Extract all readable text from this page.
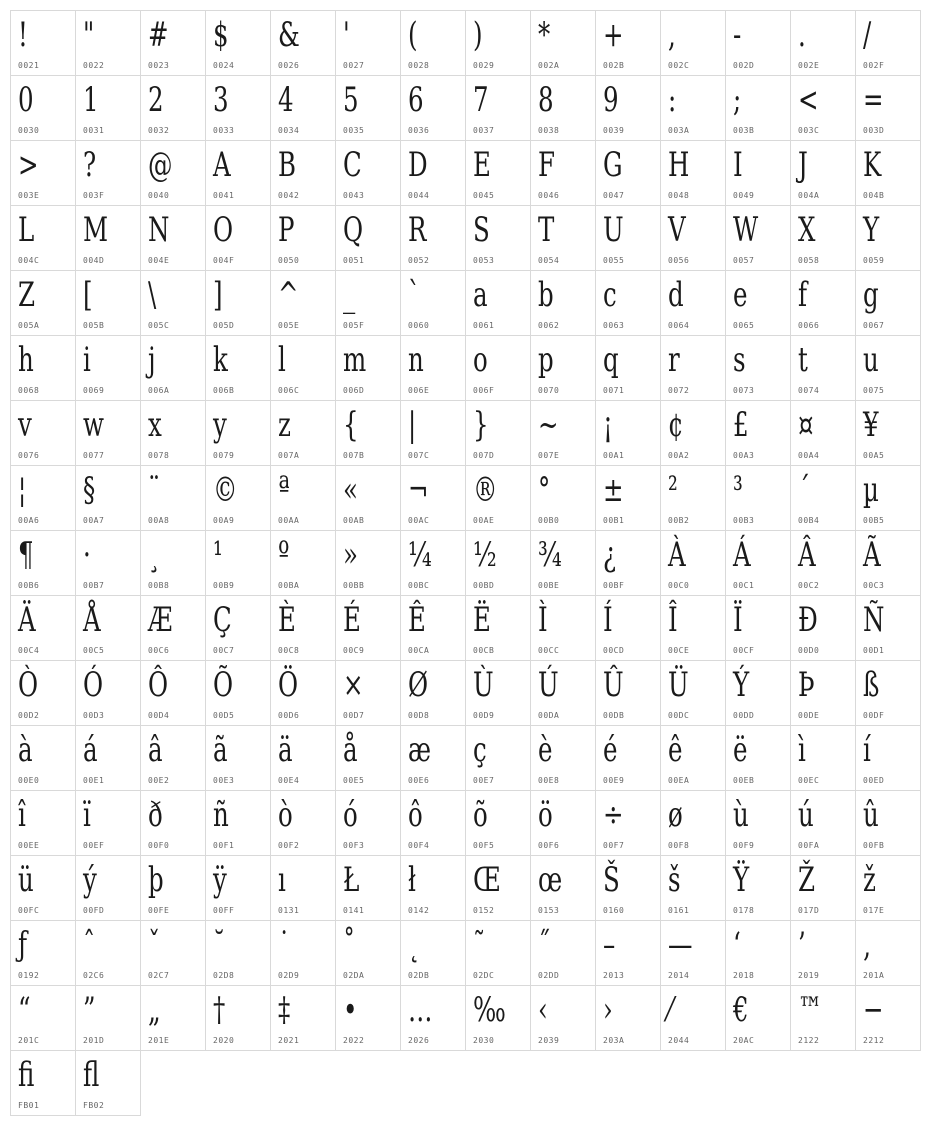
!
0021
"
0022
#
0023
$
0024
&
0026
'
0027
(
0028
)
0029
*
002A
+
002B
,
002C
-
002D
.
002E
/
002F
0
0030
1
0031
2
0032
3
0033
4
0034
5
0035
6
0036
7
0037
8
0038
9
0039
:
003A
;
003B
<
003C
=
003D
>
003E
?
003F
@
0040
A
0041
B
0042
C
0043
D
0044
E
0045
F
0046
G
0047
H
0048
I
0049
J
004A
K
004B
L
004C
M
004D
N
004E
O
004F
P
0050
Q
0051
R
0052
S
0053
T
0054
U
0055
V
0056
W
0057
X
0058
Y
0059
Z
005A
[
005B
\
005C
]
005D
^
005E
_
005F
`
0060
a
0061
b
0062
c
0063
d
0064
e
0065
f
0066
g
0067
h
0068
i
0069
j
006A
k
006B
l
006C
m
006D
n
006E
o
006F
p
0070
q
0071
r
0072
s
0073
t
0074
u
0075
v
0076
w
0077
x
0078
y
0079
z
007A
{
007B
|
007C
}
007D
~
007E
¡
00A1
¢
00A2
£
00A3
¤
00A4
¥
00A5
¦
00A6
§
00A7
¨
00A8
©
00A9
ª
00AA
«
00AB
¬
00AC
®
00AE
°
00B0
±
00B1
²
00B2
³
00B3
´
00B4
µ
00B5
¶
00B6
·
00B7
¸
00B8
¹
00B9
º
00BA
»
00BB
¼
00BC
½
00BD
¾
00BE
¿
00BF
À
00C0
Á
00C1
Â
00C2
Ã
00C3
Ä
00C4
Å
00C5
Æ
00C6
Ç
00C7
È
00C8
É
00C9
Ê
00CA
Ë
00CB
Ì
00CC
Í
00CD
Î
00CE
Ï
00CF
Ð
00D0
Ñ
00D1
Ò
00D2
Ó
00D3
Ô
00D4
Õ
00D5
Ö
00D6
×
00D7
Ø
00D8
Ù
00D9
Ú
00DA
Û
00DB
Ü
00DC
Ý
00DD
Þ
00DE
ß
00DF
à
00E0
á
00E1
â
00E2
ã
00E3
ä
00E4
å
00E5
æ
00E6
ç
00E7
è
00E8
é
00E9
ê
00EA
ë
00EB
ì
00EC
í
00ED
î
00EE
ï
00EF
ð
00F0
ñ
00F1
ò
00F2
ó
00F3
ô
00F4
õ
00F5
ö
00F6
÷
00F7
ø
00F8
ù
00F9
ú
00FA
û
00FB
ü
00FC
ý
00FD
þ
00FE
ÿ
00FF
ı
0131
Ł
0141
ł
0142
Œ
0152
œ
0153
Š
0160
š
0161
Ÿ
0178
Ž
017D
ž
017E
ƒ
0192
ˆ
02C6
ˇ
02C7
˘
02D8
˙
02D9
˚
02DA
˛
02DB
˜
02DC
˝
02DD
–
2013
—
2014
‘
2018
’
2019
‚
201A
“
201C
”
201D
„
201E
†
2020
‡
2021
•
2022
…
2026
‰
2030
‹
2039
›
203A
⁄
2044
€
20AC
™
2122
−
2212
ﬁ
FB01
ﬂ
FB02
